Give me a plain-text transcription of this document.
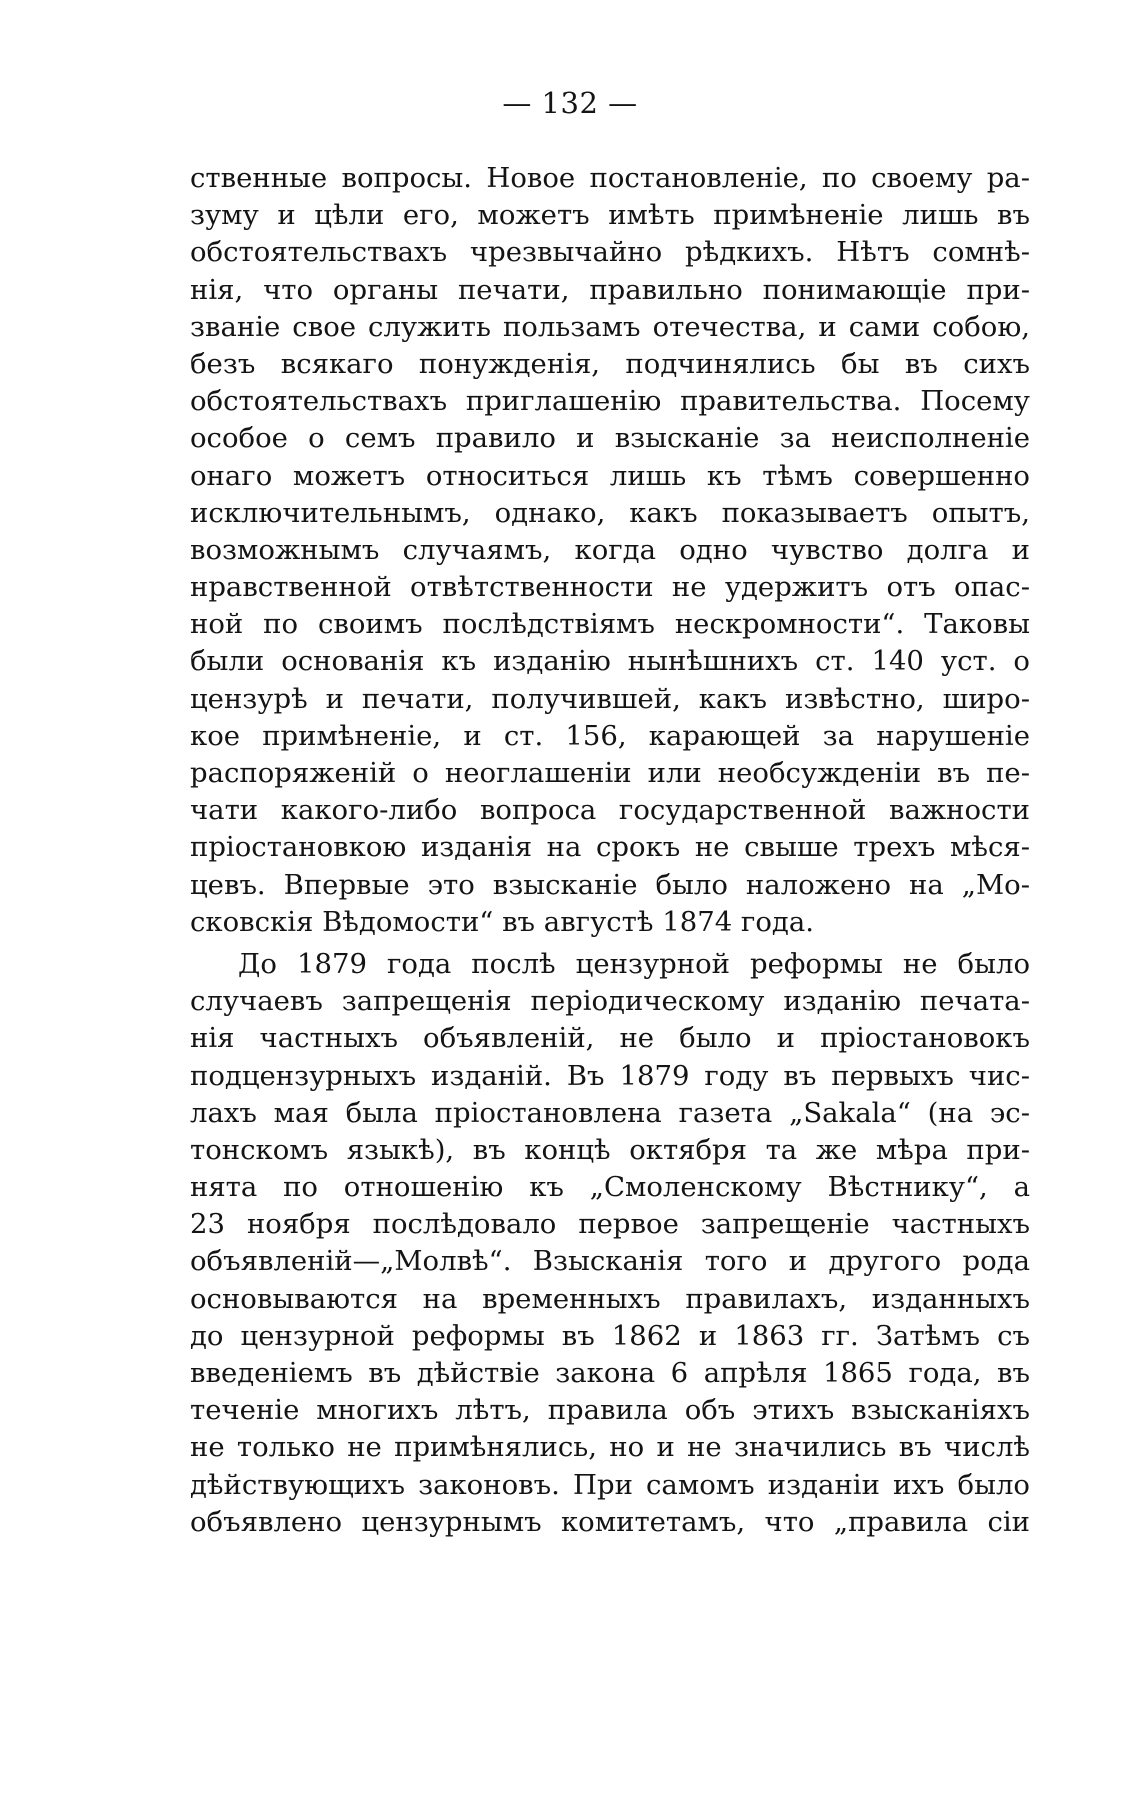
— 132 —
ственные вопросы. Новое постановленіе, по своему ра-
зуму и цѣли его, можетъ имѣть примѣненіе лишь въ
обстоятельствахъ чрезвычайно рѣдкихъ. Нѣтъ сомнѣ-
нія, что органы печати, правильно понимающіе при-
званіе свое служить пользамъ отечества, и сами собою,
безъ всякаго понужденія, подчинялись бы въ сихъ
обстоятельствахъ приглашенію правительства. Посему
особое о семъ правило и взысканіе за неисполненіе
онаго можетъ относиться лишь къ тѣмъ совершенно
исключительнымъ, однако, какъ показываетъ опытъ,
возможнымъ случаямъ, когда одно чувство долга и
нравственной отвѣтственности не удержитъ отъ опас-
ной по своимъ послѣдствіямъ нескромности“. Таковы
были основанія къ изданію нынѣшнихъ ст. 140 уст. о
цензурѣ и печати, получившей, какъ извѣстно, широ-
кое примѣненіе, и ст. 156, карающей за нарушеніе
распоряженій о неоглашеніи или необсужденіи въ пе-
чати какого-либо вопроса государственной важности
пріостановкою изданія на срокъ не свыше трехъ мѣся-
цевъ. Впервые это взысканіе было наложено на „Мо-
сковскія Вѣдомости“ въ августѣ 1874 года.
До 1879 года послѣ цензурной реформы не было
случаевъ запрещенія періодическому изданію печата-
нія частныхъ объявленій, не было и пріостановокъ
подцензурныхъ изданій. Въ 1879 году въ первыхъ чис-
лахъ мая была пріостановлена газета „Sakala“ (на эс-
тонскомъ языкѣ), въ концѣ октября та же мѣра при-
нята по отношенію къ „Смоленскому Вѣстнику“, а
23 ноября послѣдовало первое запрещеніе частныхъ
объявленій—„Молвѣ“. Взысканія того и другого рода
основываются на временныхъ правилахъ, изданныхъ
до цензурной реформы въ 1862 и 1863 гг. Затѣмъ съ
введеніемъ въ дѣйствіе закона 6 апрѣля 1865 года, въ
теченіе многихъ лѣтъ, правила объ этихъ взысканіяхъ
не только не примѣнялись, но и не значились въ числѣ
дѣйствующихъ законовъ. При самомъ изданіи ихъ было
объявлено цензурнымъ комитетамъ, что „правила сіи
